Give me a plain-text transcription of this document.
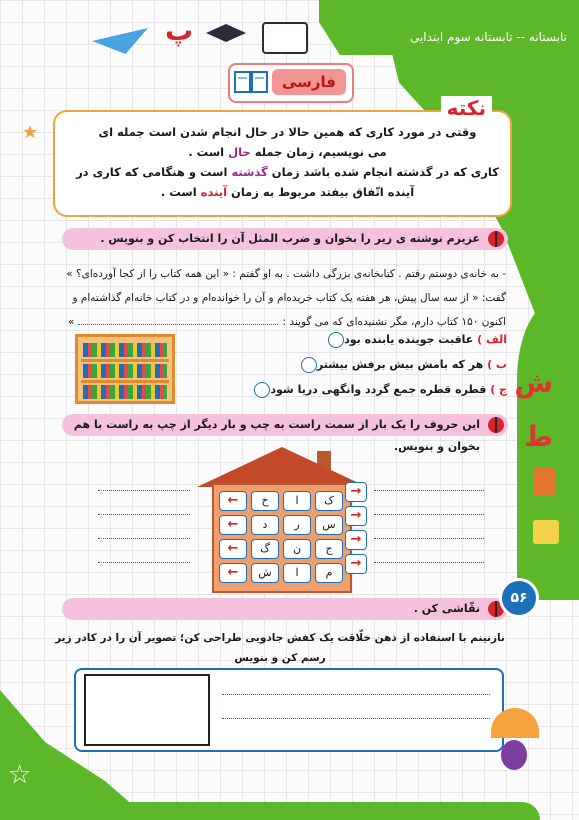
پ	تابستانه -- تابستانه سوم ابتدایی
★
☆
فارسی
نکته
وقتی در مورد کاری که همین حالا در حال انجام شدن است جمله ای
می نویسیم، زمان جمله حال است .
کاری که در گذشته انجام شده باشد زمان گذشته است و هنگامی که کاری در
آینده اتّفاق بیفتد مربوط به زمان آینده است .
عزیزم نوشته ی زیر را بخوان و ضرب المثل آن را انتخاب کن و بنویس .
- به خانه‌ی دوستم رفتم . کتابخانه‌ی بزرگی داشت . به او گفتم : « این همه کتاب را از کجا آورده‌ای؟ »
گفت: « از سه سال پیش، هر هفته یک کتاب خریده‌ام و آن را خوانده‌ام و در کتاب خانه‌ام گذاشته‌ام و
اکنون ۱۵۰ کتاب دارم، مگر نشنیده‌ای که می گویند :»
الف ) عاقبت جوینده یابنده بود
ب ) هر که بامش بیش برفش بیشتر
ج ) قطره قطره جمع گردد وانگهی دریا شود
این حروف را یک بار از سمت راست به چپ و بار دیگر از چپ به راست با هم بخوان و بنویس.
←	خ	ا	ک
←	د	ر	س
←	گ	ن	ج
←	ش	ا	م
→
→
→
→
نقّاشی کن .
نازنینم با استفاده از ذهن خلّاقت یک کفش جادویی طراحی کن؛ تصویر آن را در کادر زیر رسم کن و بنویس
ش
ط
۵۶
